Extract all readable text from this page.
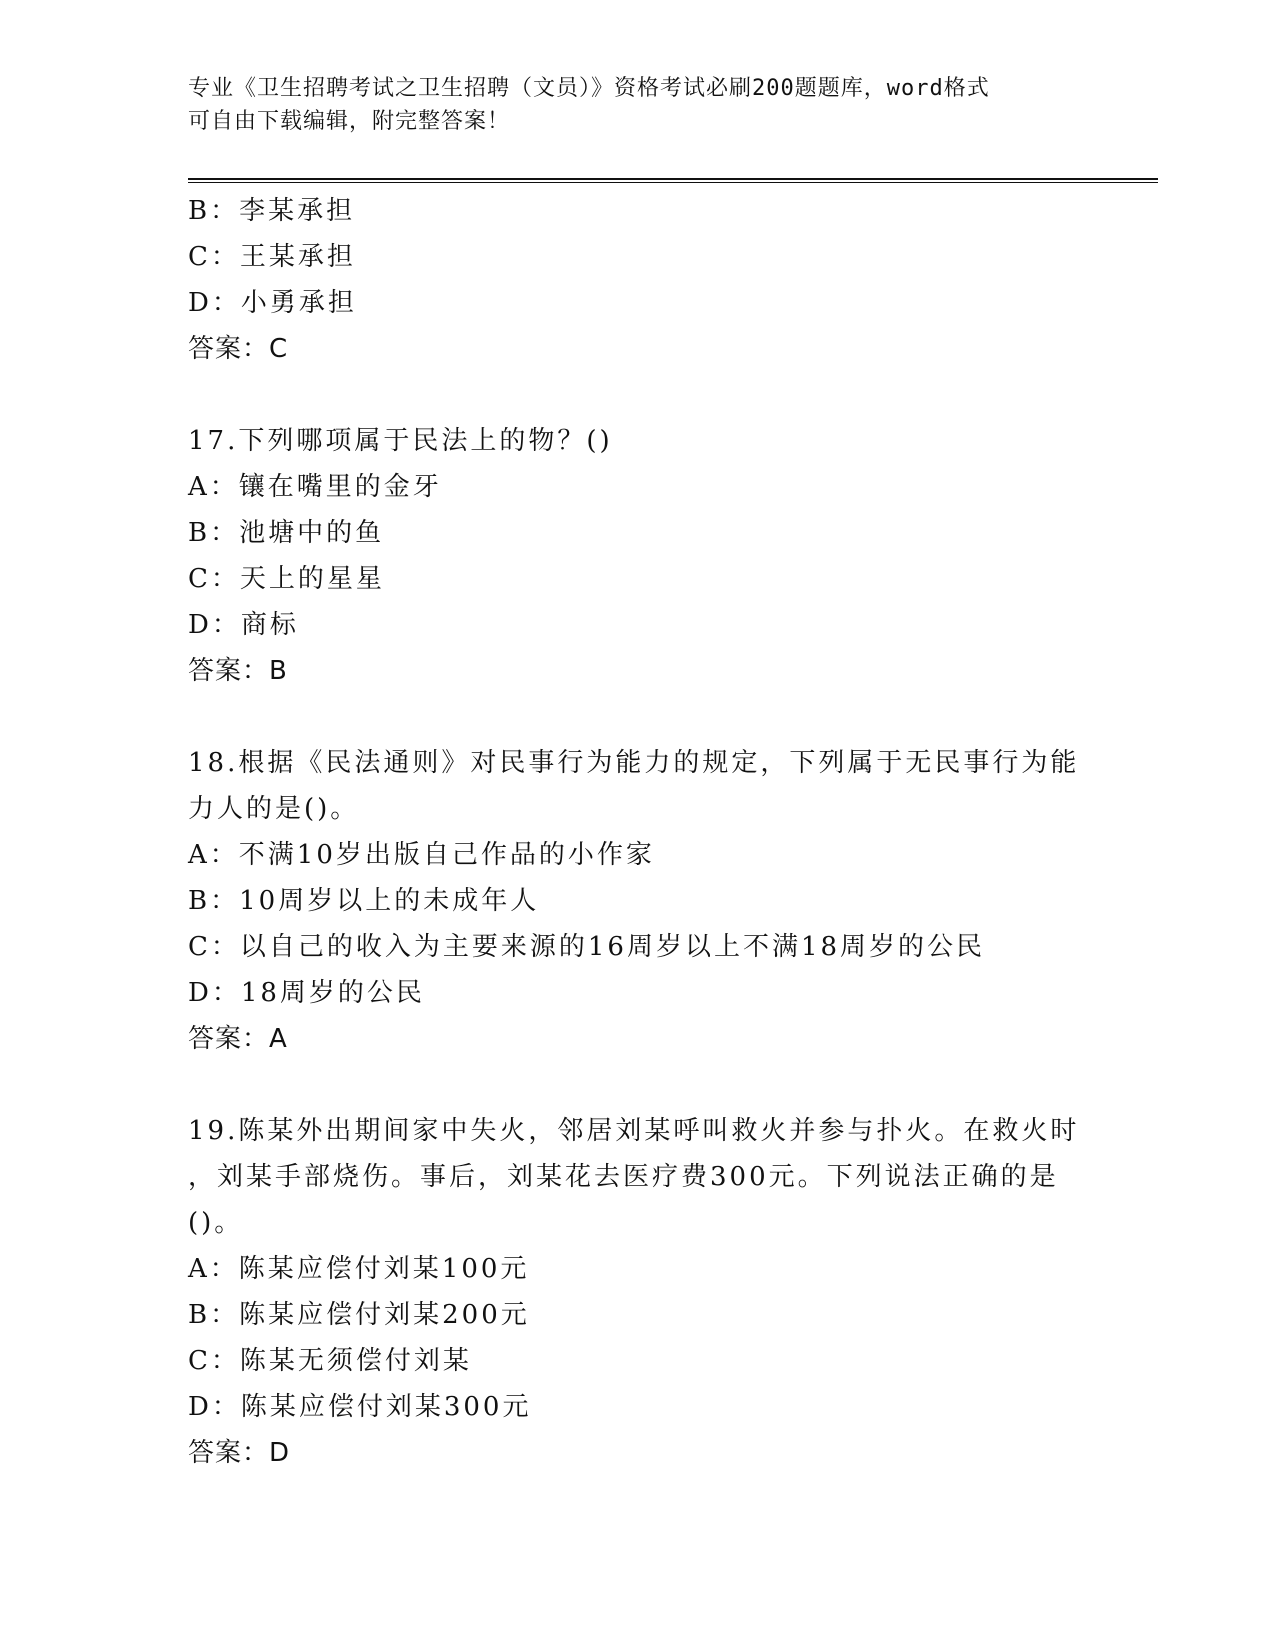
专业《卫生招聘考试之卫生招聘（文员）》资格考试必刷200题题库，word格式
可自由下载编辑，附完整答案！
B：李某承担
C：王某承担
D：小勇承担
答案：C
17.下列哪项属于民法上的物？()
A：镶在嘴里的金牙
B：池塘中的鱼
C：天上的星星
D：商标
答案：B
18.根据《民法通则》对民事行为能力的规定，下列属于无民事行为能
力人的是()。
A：不满10岁出版自己作品的小作家
B：10周岁以上的未成年人
C：以自己的收入为主要来源的16周岁以上不满18周岁的公民
D：18周岁的公民
答案：A
19.陈某外出期间家中失火，邻居刘某呼叫救火并参与扑火。在救火时
，刘某手部烧伤。事后，刘某花去医疗费300元。下列说法正确的是
()。
A：陈某应偿付刘某100元
B：陈某应偿付刘某200元
C：陈某无须偿付刘某
D：陈某应偿付刘某300元
答案：D
